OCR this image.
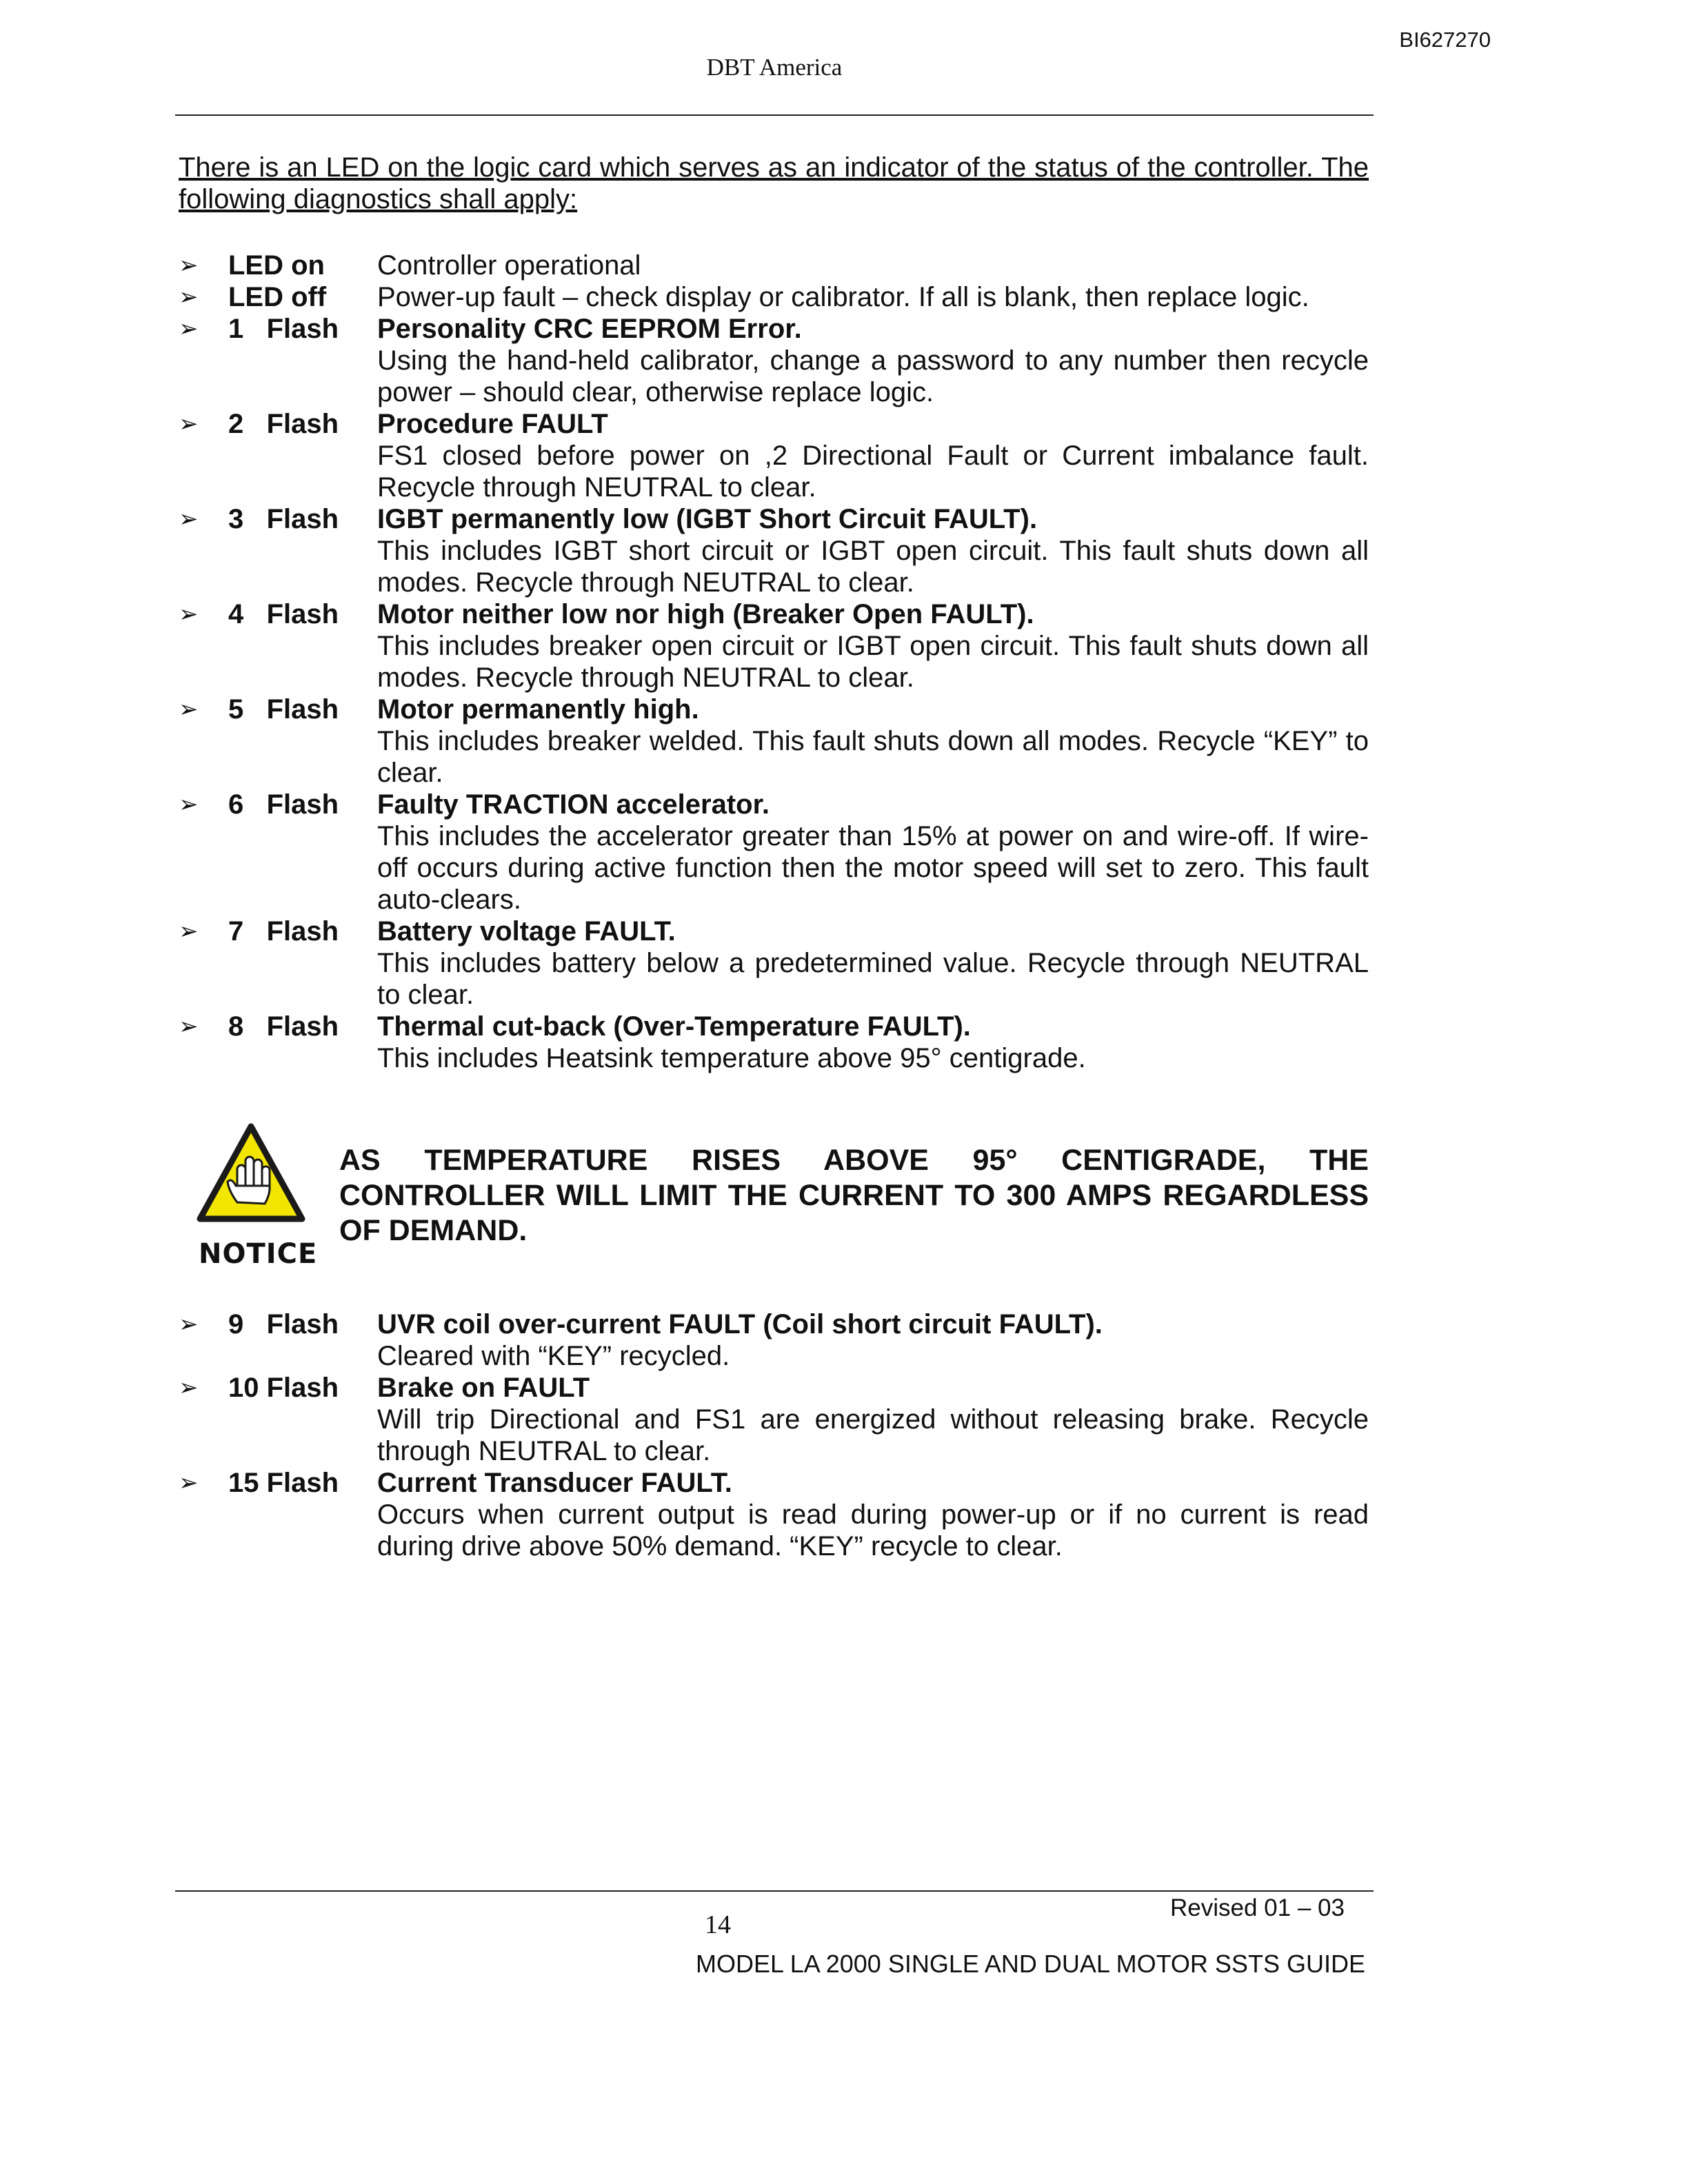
BI627270
DBT America
There is an LED on the logic card which serves as an indicator of the status of the controller. The following diagnostics shall apply:
➢ LED on Controller operational
➢ LED off Power-up fault – check display or calibrator. If all is blank, then replace logic.
➢ 1   Flash Personality CRC EEPROM Error.
Using the hand-held calibrator, change a password to any number then recycle power – should clear, otherwise replace logic.
➢ 2   Flash Procedure FAULT
FS1 closed before power on ,2 Directional Fault or Current imbalance fault. Recycle through NEUTRAL to clear.
➢ 3   Flash IGBT permanently low (IGBT Short Circuit FAULT).
This includes IGBT short circuit or IGBT open circuit. This fault shuts down all modes. Recycle through NEUTRAL to clear.
➢ 4   Flash Motor neither low nor high (Breaker Open FAULT).
This includes breaker open circuit or IGBT open circuit. This fault shuts down all modes. Recycle through NEUTRAL to clear.
➢ 5   Flash Motor permanently high.
This includes breaker welded. This fault shuts down all modes. Recycle “KEY” to clear.
➢ 6   Flash Faulty TRACTION accelerator.
This includes the accelerator greater than 15% at power on and wire-off. If wire-off occurs during active function then the motor speed will set to zero. This fault auto-clears.
➢ 7   Flash Battery voltage FAULT.
This includes battery below a predetermined value. Recycle through NEUTRAL to clear.
➢ 8   Flash Thermal cut-back (Over-Temperature FAULT).
This includes Heatsink temperature above 95° centigrade.
NOTICE
AS TEMPERATURE RISES ABOVE 95° CENTIGRADE, THE CONTROLLER WILL LIMIT THE CURRENT TO 300 AMPS REGARDLESS OF DEMAND.
➢ 9   Flash UVR coil over-current FAULT (Coil short circuit FAULT).
Cleared with “KEY” recycled.
➢ 10 Flash Brake on FAULT
Will trip Directional and FS1 are energized without releasing brake. Recycle through NEUTRAL to clear.
➢ 15 Flash Current Transducer FAULT.
Occurs when current output is read during power-up or if no current is read during drive above 50% demand. “KEY” recycle to clear.
14
Revised 01 – 03
MODEL LA 2000 SINGLE AND DUAL MOTOR SSTS GUIDE
